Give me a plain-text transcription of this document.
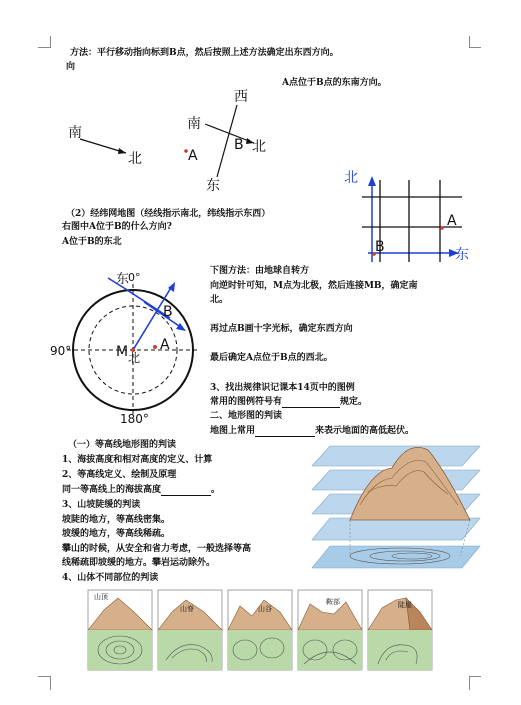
方法：平行移动指向标到B点，然后按照上述方法确定出东西方向。
向
A点位于B点的东南方向。
南
北
西
南
北
东
A
B
（2）经纬网地图（经线指示南北，纬线指示东西）
右图中A位于B的什么方向?
A位于B的东北
北
东
A
B
东
0°
90°
180°
B
A
M 北
下图方法：由地球自转方
向逆时针可知，M点为北极，然后连接MB，确定南
北。
再过点B画十字光标，确定东西方向
最后确定A点位于B点的西北。
3、找出规律识记课本14页中的图例
常用的图例符号有	规定。
二、地形图的判读
地图上常用	来表示地面的高低起伏。
（一）等高线地形图的判读
1、海拔高度和相对高度的定义、计算
2、等高线定义、绘制及原理
同一等高线上的海拔高度	。
3、山坡陡缓的判读
坡陡的地方，等高线密集。
坡缓的地方，等高线稀疏。
攀山的时候，从安全和省力考虑，一般选择等高
线稀疏即坡缓的地方。攀岩运动除外。
4、山体不同部位的判读
山顶
山脊	山谷
鞍部	陡崖
